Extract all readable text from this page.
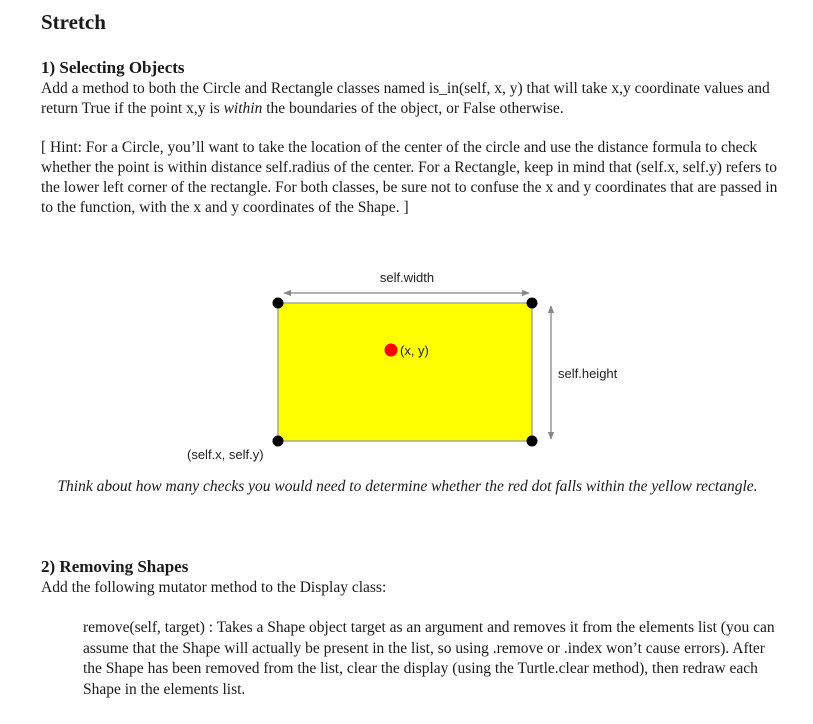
Stretch
1) Selecting Objects

Add a method to both the Circle and Rectangle classes named is_in(self, x, y) that will take x,y coordinate values and return True if the point x,y is within the boundaries of the object, or False otherwise.

[ Hint: For a Circle, you’ll want to take the location of the center of the circle and use the distance formula to check whether the point is within distance self.radius of the center. For a Rectangle, keep in mind that (self.x, self.y) refers to the lower left corner of the rectangle. For both classes, be sure not to confuse the x and y coordinates that are passed in to the function, with the x and y coordinates of the Shape. ]

self.width
self.height
(x, y)
(self.x, self.y)

Think about how many checks you would need to determine whether the red dot falls within the yellow rectangle.

2) Removing Shapes

Add the following mutator method to the Display class:

remove(self, target) : Takes a Shape object target as an argument and removes it from the elements list (you can assume that the Shape will actually be present in the list, so using .remove or .index won’t cause errors). After the Shape has been removed from the list, clear the display (using the Turtle.clear method), then redraw each Shape in the elements list.
